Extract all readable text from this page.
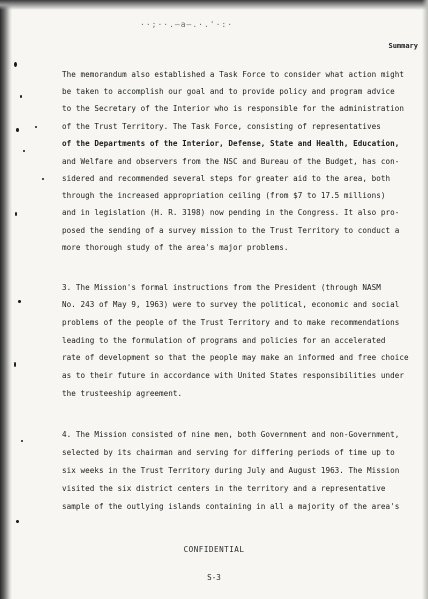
··;··.—a—.·.'·:·
Summary
The memorandum also established a Task Force to consider what action might
be taken to accomplish our goal and to provide policy and program advice
to the Secretary of the Interior who is responsible for the administration
of the Trust Territory. The Task Force, consisting of representatives
of the Departments of the Interior, Defense, State and Health, Education,
and Welfare and observers from the NSC and Bureau of the Budget, has con-
sidered and recommended several steps for greater aid to the area, both
through the increased appropriation ceiling (from $7 to 17.5 millions)
and in legislation (H. R. 3198) now pending in the Congress. It also pro-
posed the sending of a survey mission to the Trust Territory to conduct a
more thorough study of the area's major problems.
3. The Mission's formal instructions from the President (through NASM
No. 243 of May 9, 1963) were to survey the political, economic and social
problems of the people of the Trust Territory and to make recommendations
leading to the formulation of programs and policies for an accelerated
rate of development so that the people may make an informed and free choice
as to their future in accordance with United States responsibilities under
the trusteeship agreement.
4. The Mission consisted of nine men, both Government and non-Government,
selected by its chairman and serving for differing periods of time up to
six weeks in the Trust Territory during July and August 1963. The Mission
visited the six district centers in the territory and a representative
sample of the outlying islands containing in all a majority of the area's
CONFIDENTIAL
S-3
